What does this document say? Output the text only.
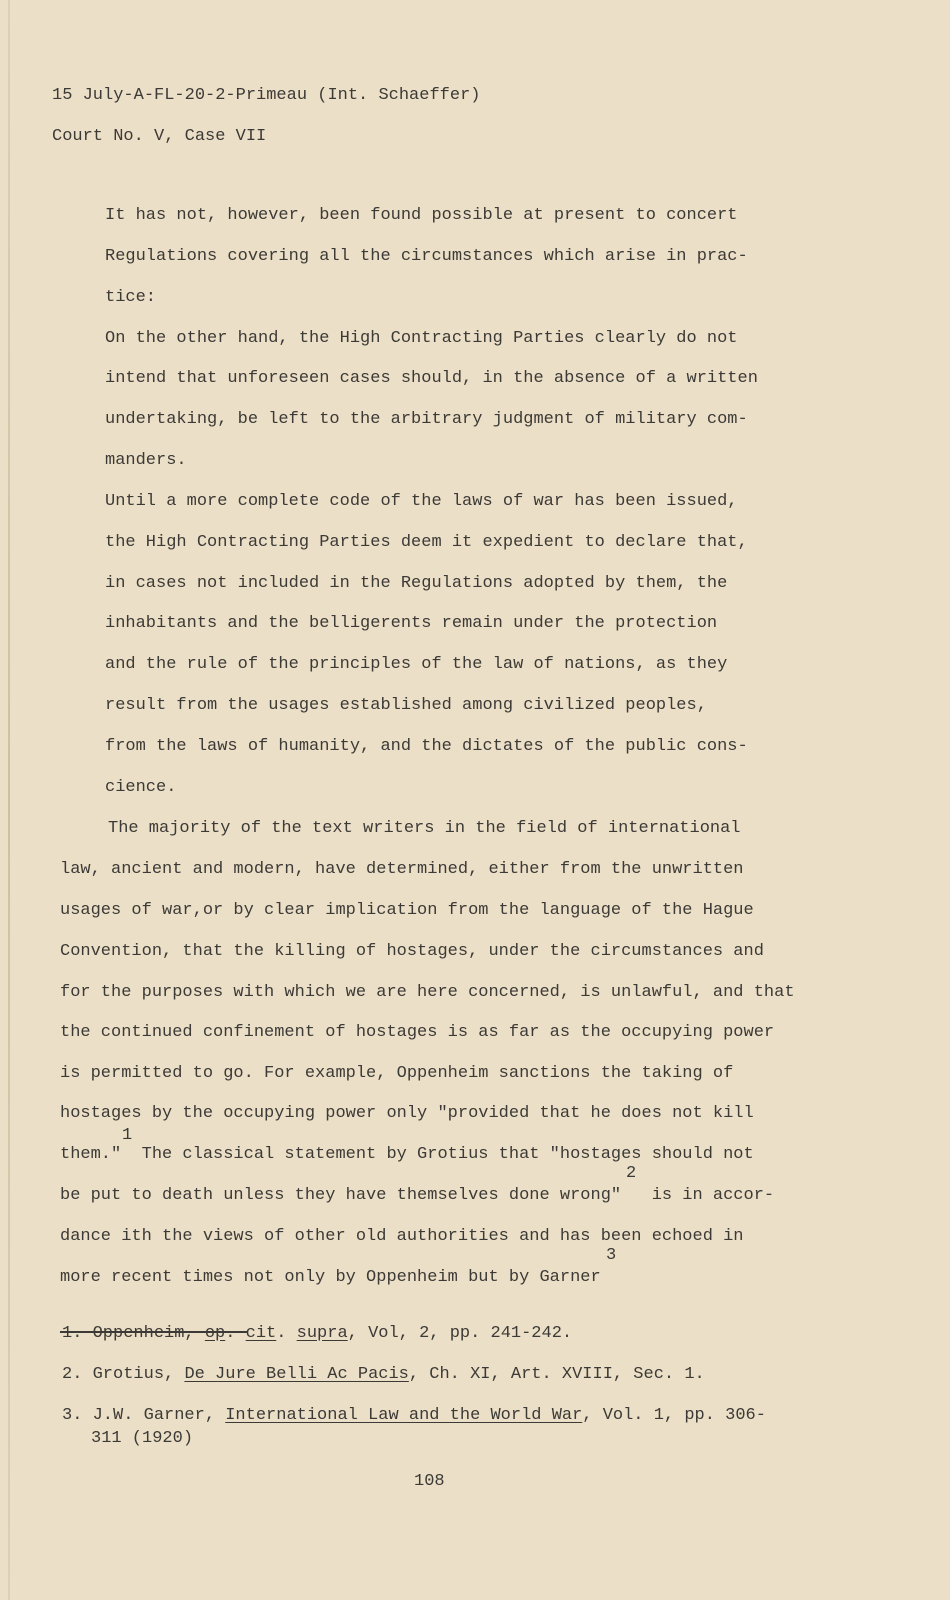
15 July-A-FL-20-2-Primeau (Int. Schaeffer)
Court No. V, Case VII
It has not, however, been found possible at present to concert
Regulations covering all the circumstances which arise in prac-
tice:
On the other hand, the High Contracting Parties clearly do not
intend that unforeseen cases should, in the absence of a written
undertaking, be left to the arbitrary judgment of military com-
manders.
Until a more complete code of the laws of war has been issued,
the High Contracting Parties deem it expedient to declare that,
in cases not included in the Regulations adopted by them, the
inhabitants and the belligerents remain under the protection
and the rule of the principles of the law of nations, as they
result from the usages established among civilized peoples,
from the laws of humanity, and the dictates of the public cons-
cience.
The majority of the text writers in the field of international
law, ancient and modern, have determined, either from the unwritten
usages of war,or by clear implication from the language of the Hague
Convention, that the killing of hostages, under the circumstances and
for the purposes with which we are here concerned, is unlawful, and that
the continued confinement of hostages is as far as the occupying power
is permitted to go. For example, Oppenheim sanctions the taking of
hostages by the occupying power only "provided that he does not kill
them."  The classical statement by Grotius that "hostages should not
be put to death unless they have themselves done wrong"   is in accor-
dance ith the views of other old authorities and has been echoed in
more recent times not only by Oppenheim but by Garner
1
2
3
1. Oppenheim, op. cit. supra, Vol, 2, pp. 241-242.
2. Grotius, De Jure Belli Ac Pacis, Ch. XI, Art. XVIII, Sec. 1.
3. J.W. Garner, International Law and the World War, Vol. 1, pp. 306-
311 (1920)
108
